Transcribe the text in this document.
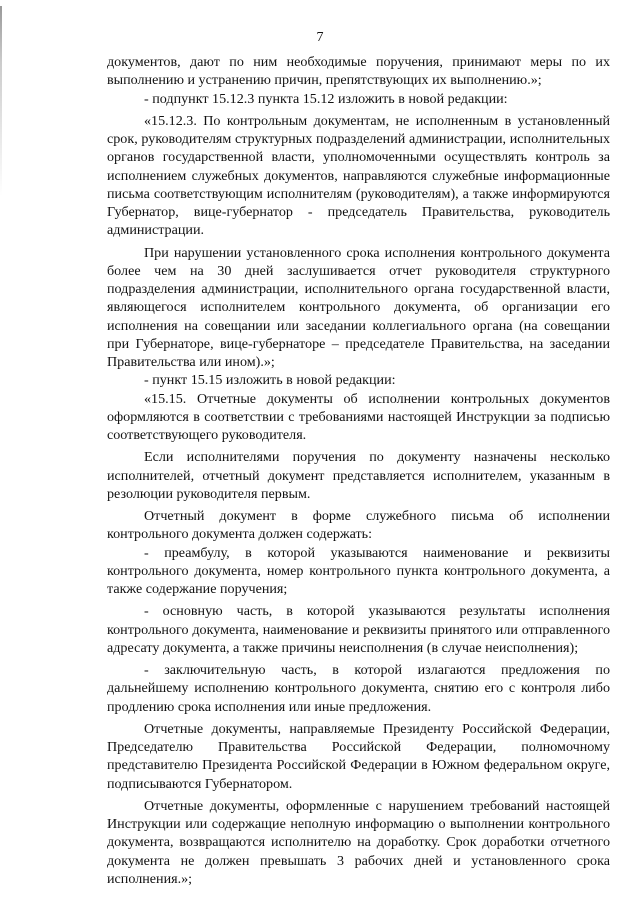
7

документов, дают по ним необходимые поручения, принимают меры по их выполнению и устранению причин, препятствующих их выполнению.»;

- подпункт 15.12.3 пункта 15.12 изложить в новой редакции:

«15.12.3. По контрольным документам, не исполненным в установленный срок, руководителям структурных подразделений администрации, исполнительных органов государственной власти, уполномоченными осуществлять контроль за исполнением служебных документов, направляются служебные информационные письма соответствующим исполнителям (руководителям), а также информируются Губернатор, вице-губернатор - председатель Правительства, руководитель администрации.

При нарушении установленного срока исполнения контрольного документа более чем на 30 дней заслушивается отчет руководителя структурного подразделения администрации, исполнительного органа государственной власти, являющегося исполнителем контрольного документа, об организации его исполнения на совещании или заседании коллегиального органа (на совещании при Губернаторе, вице-губернаторе – председателе Правительства, на заседании Правительства или ином).»;

- пункт 15.15 изложить в новой редакции:

«15.15. Отчетные документы об исполнении контрольных документов оформляются в соответствии с требованиями настоящей Инструкции за подписью соответствующего руководителя.

Если исполнителями поручения по документу назначены несколько исполнителей, отчетный документ представляется исполнителем, указанным в резолюции руководителя первым.

Отчетный документ в форме служебного письма об исполнении контрольного документа должен содержать:

- преамбулу, в которой указываются наименование и реквизиты контрольного документа, номер контрольного пункта контрольного документа, а также содержание поручения;

- основную часть, в которой указываются результаты исполнения контрольного документа, наименование и реквизиты принятого или отправленного адресату документа, а также причины неисполнения (в случае неисполнения);

- заключительную часть, в которой излагаются предложения по дальнейшему исполнению контрольного документа, снятию его с контроля либо продлению срока исполнения или иные предложения.

Отчетные документы, направляемые Президенту Российской Федерации, Председателю Правительства Российской Федерации, полномочному представителю Президента Российской Федерации в Южном федеральном округе, подписываются Губернатором.

Отчетные документы, оформленные с нарушением требований настоящей Инструкции или содержащие неполную информацию о выполнении контрольного документа, возвращаются исполнителю на доработку. Срок доработки отчетного документа не должен превышать 3 рабочих дней и установленного срока исполнения.»;
